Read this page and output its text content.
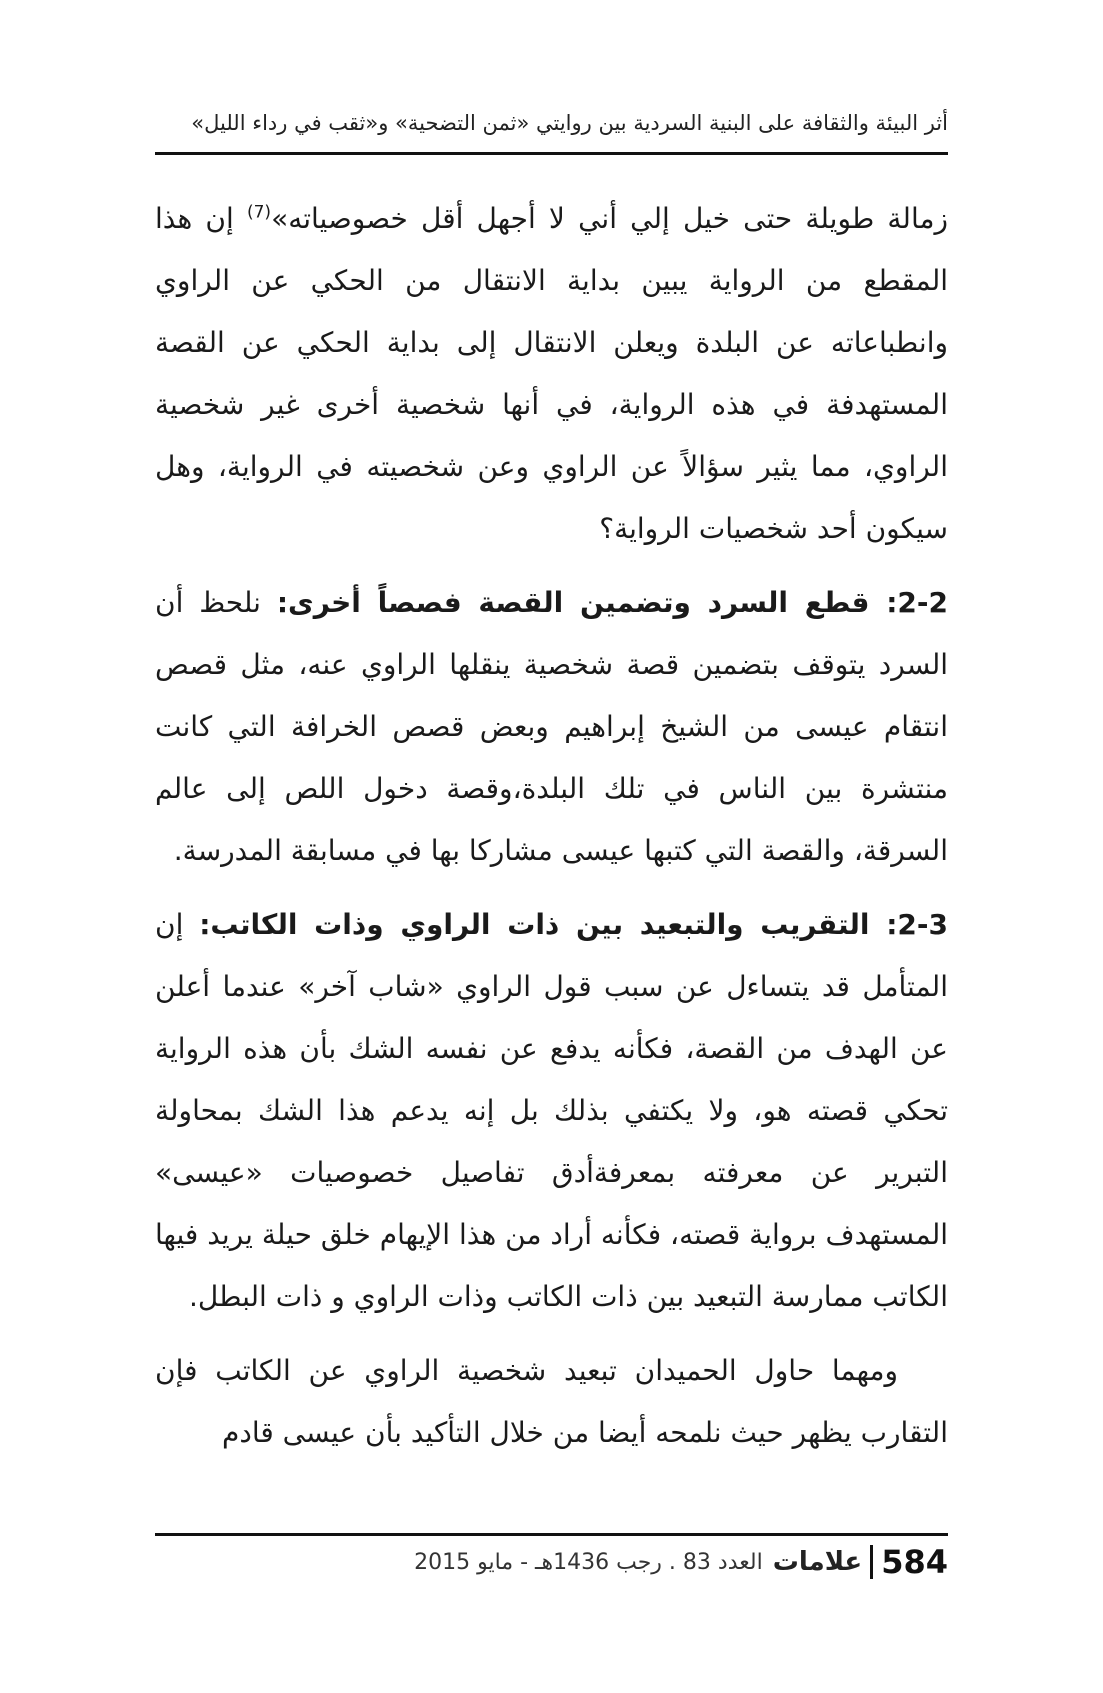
أثر البيئة والثقافة على البنية السردية بين روايتي «ثمن التضحية» و«ثقب في رداء الليل»

زمالة طويلة حتى خيل إلي أني لا أجهل أقل خصوصياته»$^{(7)}$ إن هذا المقطع من الرواية يبين بداية الانتقال من الحكي عن الراوي وانطباعاته عن البلدة ويعلن الانتقال إلى بداية الحكي عن القصة المستهدفة في هذه الرواية، في أنها شخصية أخرى غير شخصية الراوي، مما يثير سؤالاً عن الراوي وعن شخصيته في الرواية، وهل سيكون أحد شخصيات الرواية؟

2-2: قطع السرد وتضمين القصة فصصاً أخرى: نلحظ أن السرد يتوقف بتضمين قصة شخصية ينقلها الراوي عنه، مثل قصص انتقام عيسى من الشيخ إبراهيم وبعض قصص الخرافة التي كانت منتشرة بين الناس في تلك البلدة،وقصة دخول اللص إلى عالم السرقة، والقصة التي كتبها عيسى مشاركا بها في مسابقة المدرسة.

2-3: التقريب والتبعيد بين ذات الراوي وذات الكاتب: إن المتأمل قد يتساءل عن سبب قول الراوي «شاب آخر» عندما أعلن عن الهدف من القصة، فكأنه يدفع عن نفسه الشك بأن هذه الرواية تحكي قصته هو، ولا يكتفي بذلك بل إنه يدعم هذا الشك بمحاولة التبرير عن معرفته بمعرفةأدق تفاصيل خصوصيات «عيسى» المستهدف برواية قصته، فكأنه أراد من هذا الإيهام خلق حيلة يريد فيها الكاتب ممارسة التبعيد بين ذات الكاتب وذات الراوي و ذات البطل.

ومهما حاول الحميدان تبعيد شخصية الراوي عن الكاتب فإن التقارب يظهر حيث نلمحه أيضا من خلال التأكيد بأن عيسى قادم

العدد 83 . رجب 1436هـ - مايو 2015 علامات 584
